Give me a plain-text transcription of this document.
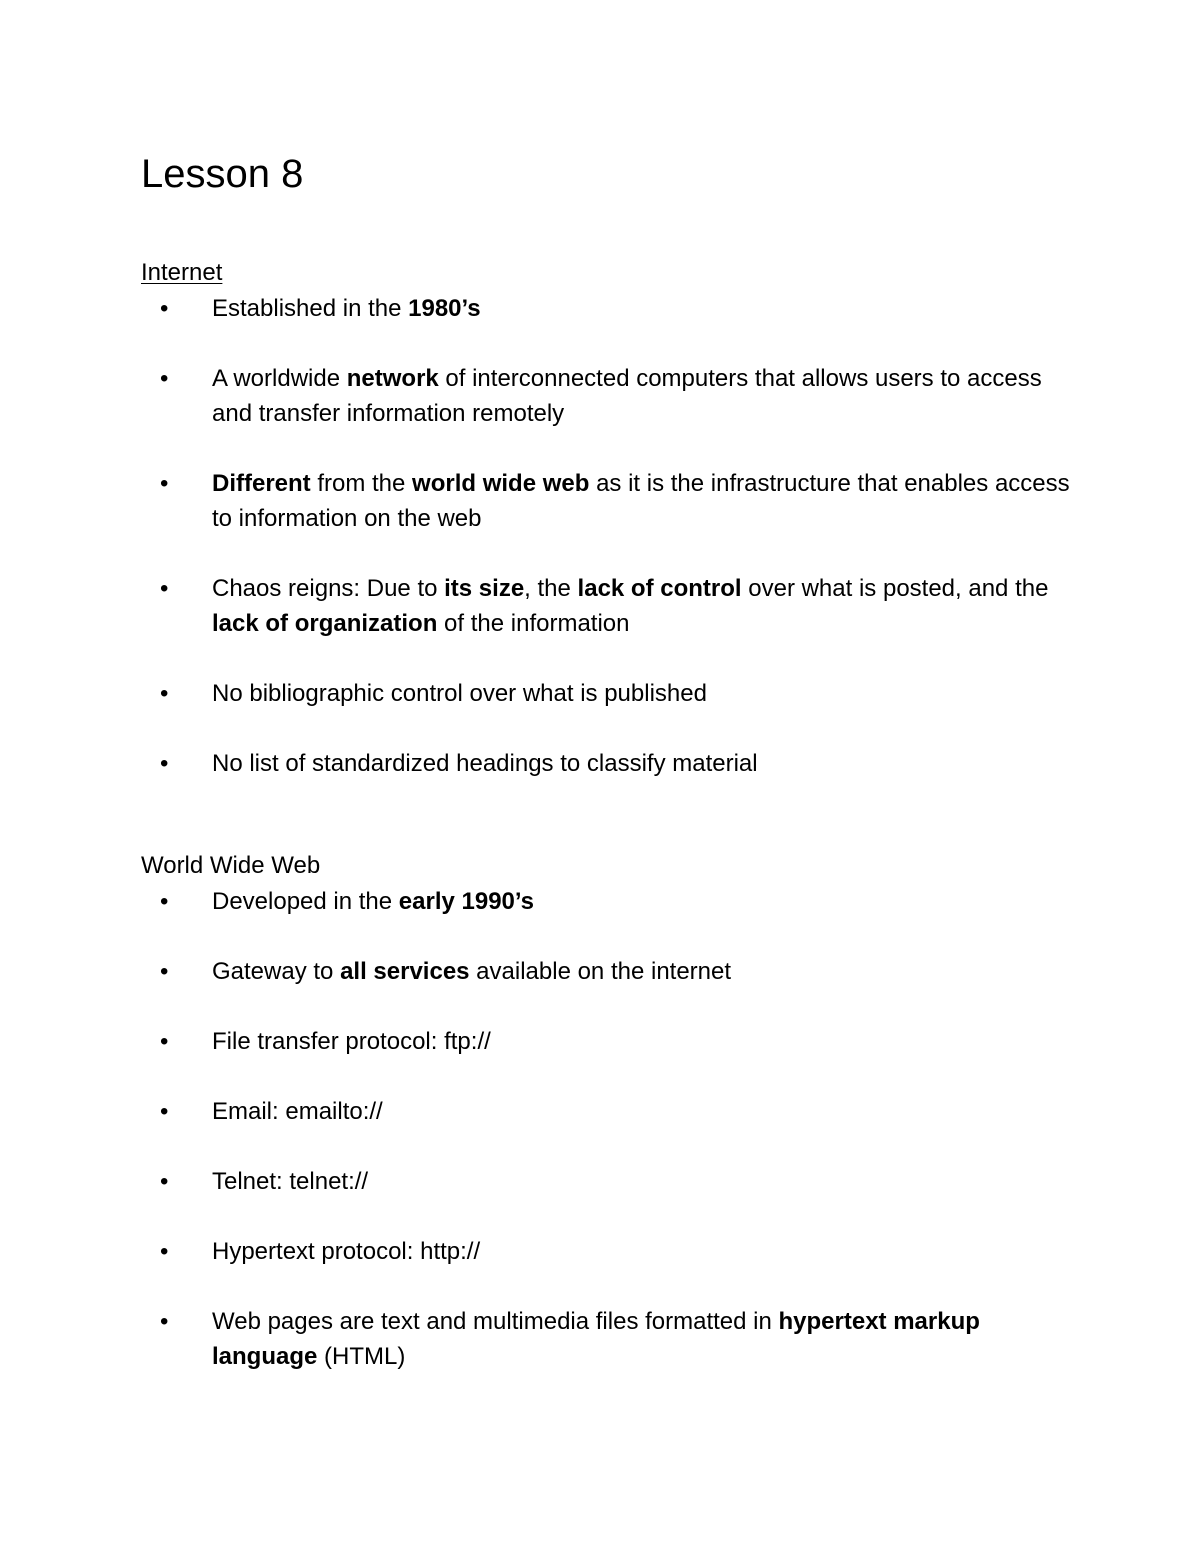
Lesson 8
Internet
• Established in the 1980’s
• A worldwide network of interconnected computers that allows users to access and transfer information remotely
• Different from the world wide web as it is the infrastructure that enables access to information on the web
• Chaos reigns: Due to its size, the lack of control over what is posted, and the lack of organization of the information
• No bibliographic control over what is published
• No list of standardized headings to classify material
World Wide Web
• Developed in the early 1990’s
• Gateway to all services available on the internet
• File transfer protocol: ftp://
• Email: emailto://
• Telnet: telnet://
• Hypertext protocol: http://
• Web pages are text and multimedia files formatted in hypertext markup language (HTML)
